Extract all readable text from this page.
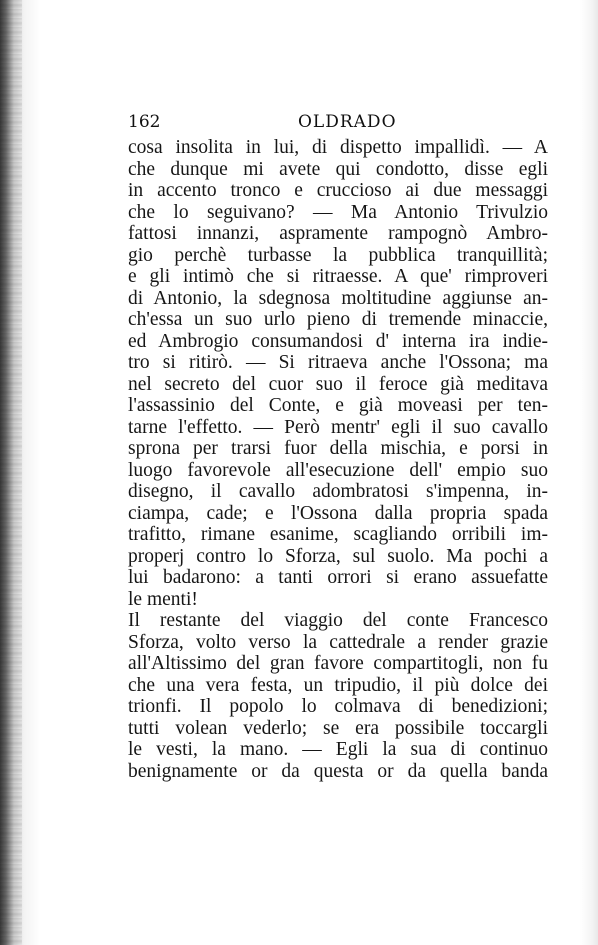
162	OLDRADO
cosa insolita in lui, di dispetto impallidì. — A
che dunque mi avete qui condotto, disse egli
in accento tronco e cruccioso ai due messaggi
che lo seguivano? — Ma Antonio Trivulzio
fattosi innanzi, aspramente rampognò Ambro-
gio perchè turbasse la pubblica tranquillità;
e gli intimò che si ritraesse. A que' rimproveri
di Antonio, la sdegnosa moltitudine aggiunse an-
ch'essa un suo urlo pieno di tremende minaccie,
ed Ambrogio consumandosi d' interna ira indie-
tro si ritirò. — Si ritraeva anche l'Ossona; ma
nel secreto del cuor suo il feroce già meditava
l'assassinio del Conte, e già moveasi per ten-
tarne l'effetto. — Però mentr' egli il suo cavallo
sprona per trarsi fuor della mischia, e porsi in
luogo favorevole all'esecuzione dell' empio suo
disegno, il cavallo adombratosi s'impenna, in-
ciampa, cade; e l'Ossona dalla propria spada
trafitto, rimane esanime, scagliando orribili im-
properj contro lo Sforza, sul suolo. Ma pochi a
lui badarono: a tanti orrori si erano assuefatte
le menti!
Il restante del viaggio del conte Francesco
Sforza, volto verso la cattedrale a render grazie
all'Altissimo del gran favore compartitogli, non fu
che una vera festa, un tripudio, il più dolce dei
trionfi. Il popolo lo colmava di benedizioni;
tutti volean vederlo; se era possibile toccargli
le vesti, la mano. — Egli la sua di continuo
benignamente or da questa or da quella banda
